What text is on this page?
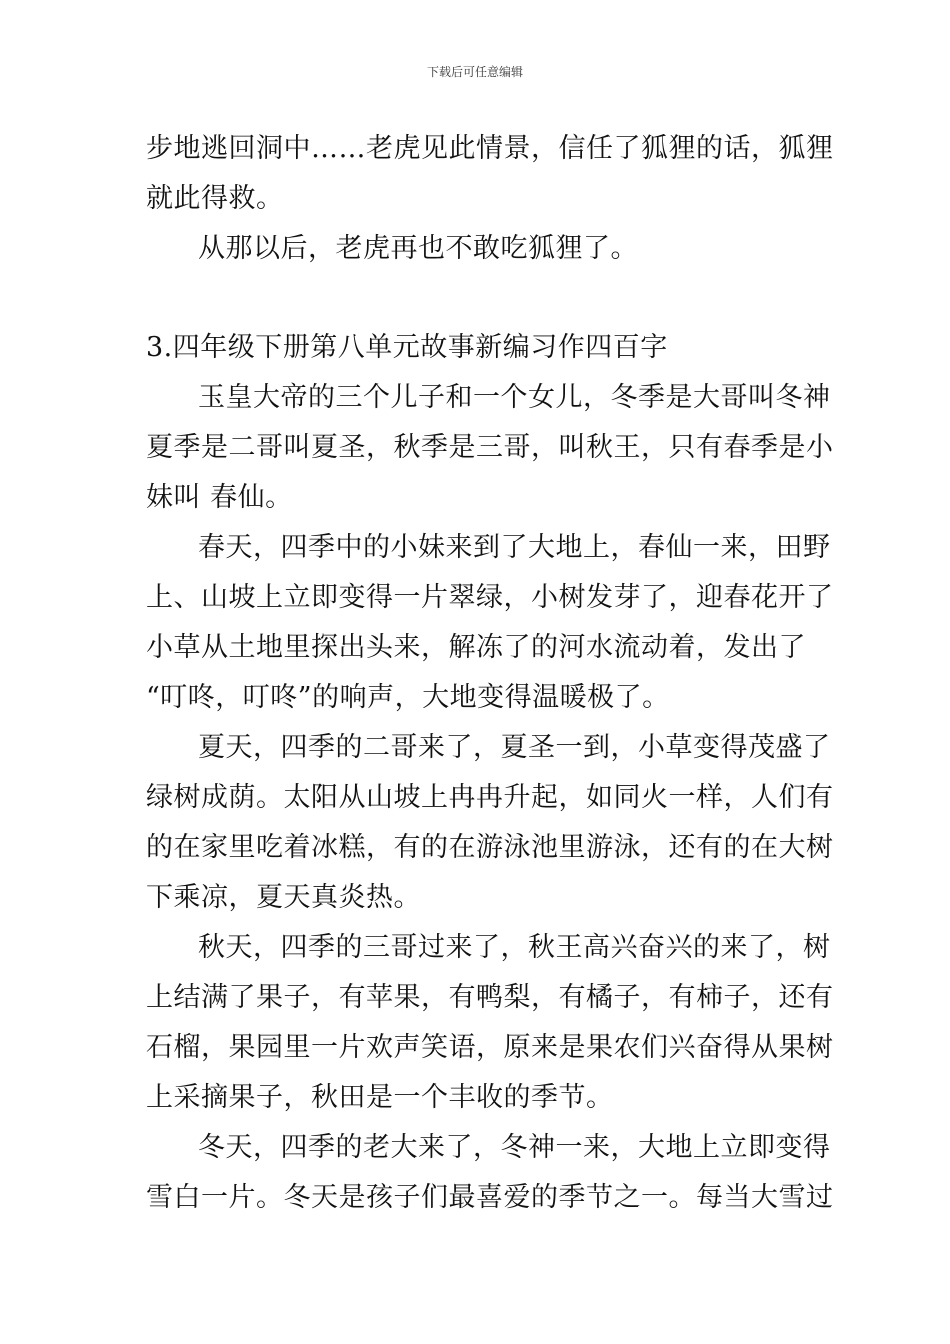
下载后可任意编辑
步地逃回洞中……老虎见此情景，信任了狐狸的话，狐狸
就此得救。
从那以后，老虎再也不敢吃狐狸了。
3.四年级下册第八单元故事新编习作四百字
玉皇大帝的三个儿子和一个女儿，冬季是大哥叫冬神
夏季是二哥叫夏圣，秋季是三哥，叫秋王，只有春季是小
妹叫 春仙。
春天，四季中的小妹来到了大地上，春仙一来，田野
上、山坡上立即变得一片翠绿，小树发芽了，迎春花开了
小草从土地里探出头来，解冻了的河水流动着，发出了
“叮咚，叮咚”的响声，大地变得温暖极了。
夏天，四季的二哥来了，夏圣一到，小草变得茂盛了
绿树成荫。太阳从山坡上冉冉升起，如同火一样，人们有
的在家里吃着冰糕，有的在游泳池里游泳，还有的在大树
下乘凉，夏天真炎热。
秋天，四季的三哥过来了，秋王高兴奋兴的来了，树
上结满了果子，有苹果，有鸭梨，有橘子，有柿子，还有
石榴，果园里一片欢声笑语，原来是果农们兴奋得从果树
上采摘果子，秋田是一个丰收的季节。
冬天，四季的老大来了，冬神一来，大地上立即变得
雪白一片。冬天是孩子们最喜爱的季节之一。每当大雪过
